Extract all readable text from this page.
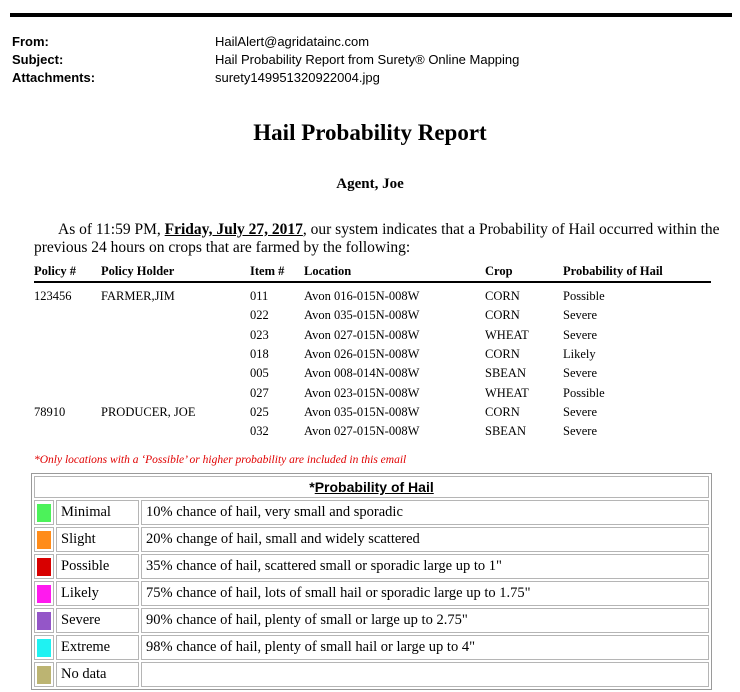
From:	HailAlert@agridatainc.com
Subject:	Hail Probability Report from Surety® Online Mapping
Attachments:	surety149951320922004.jpg
Hail Probability Report
Agent, Joe
As of 11:59 PM, Friday, July 27, 2017, our system indicates that a Probability of Hail occurred within the previous 24 hours on crops that are farmed by the following:
Policy #	Policy Holder	Item #	Location	Crop	Probability of Hail
123456	FARMER,JIM	011	Avon 016-015N-008W	CORN	Possible
		022	Avon 035-015N-008W	CORN	Severe
		023	Avon 027-015N-008W	WHEAT	Severe
		018	Avon 026-015N-008W	CORN	Likely
		005	Avon 008-014N-008W	SBEAN	Severe
		027	Avon 023-015N-008W	WHEAT	Possible
78910	PRODUCER, JOE	025	Avon 035-015N-008W	CORN	Severe
		032	Avon 027-015N-008W	SBEAN	Severe
*Only locations with a ‘Possible’ or higher probability are included in this email
*Probability of Hail		

	Minimal	10% chance of hail, very small and sporadic

	Slight	20% change of hail, small and widely scattered

	Possible	35% chance of hail, scattered small or sporadic large up to 1"

	Likely	75% chance of hail, lots of small hail or sporadic large up to 1.75"

	Severe	90% chance of hail, plenty of small or large up to 2.75"

	Extreme	98% chance of hail, plenty of small hail or large up to 4"

	No data	
